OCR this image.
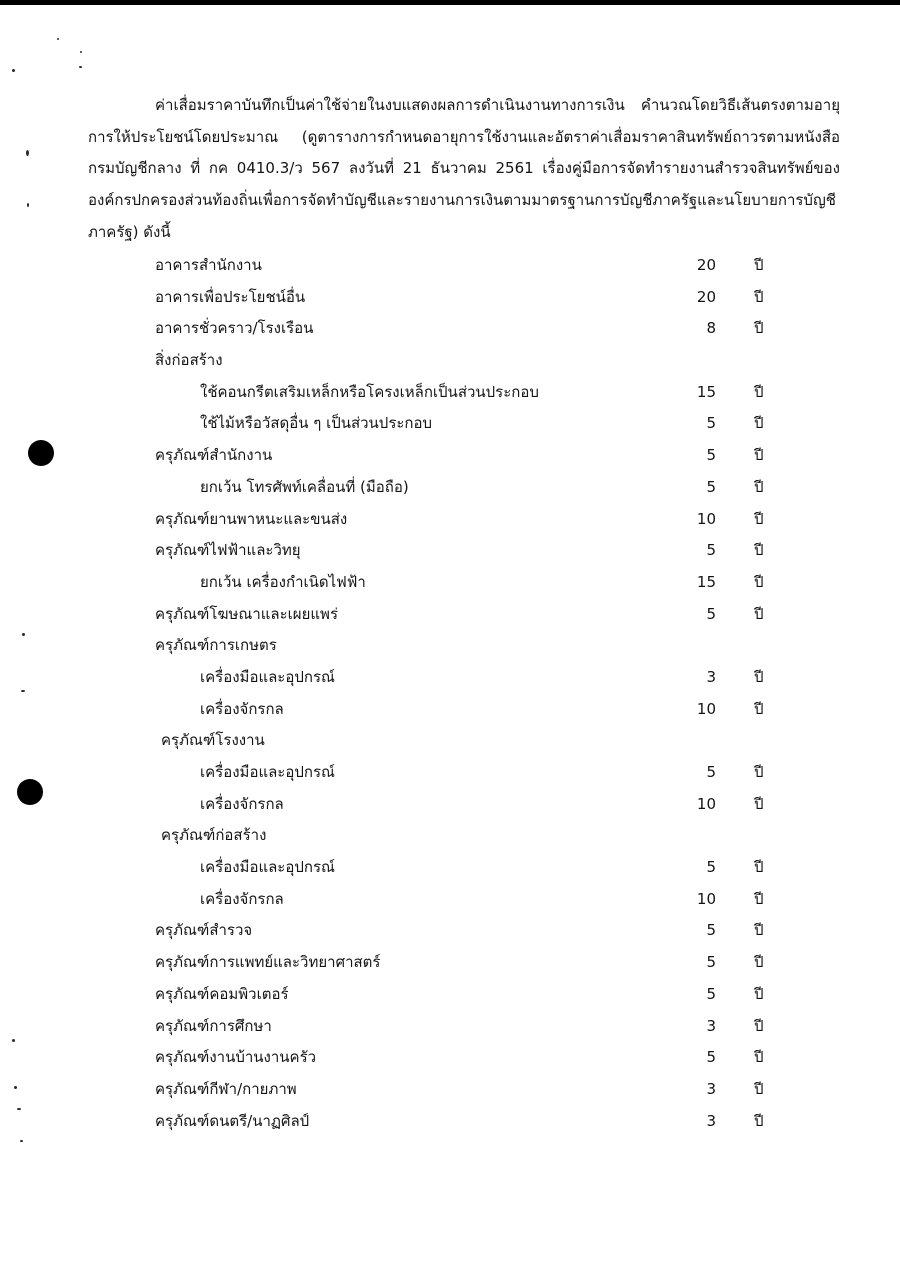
ค่าเสื่อมราคาบันทึกเป็นค่าใช้จ่ายในงบแสดงผลการดำเนินงานทางการเงิน คำนวณโดยวิธีเส้นตรงตามอายุ
การให้ประโยชน์โดยประมาณ (ดูตารางการกำหนดอายุการใช้งานและอัตราค่าเสื่อมราคาสินทรัพย์ถาวรตามหนังสือ
กรมบัญชีกลาง ที่ กค 0410.3/ว 567 ลงวันที่ 21 ธันวาคม 2561 เรื่องคู่มือการจัดทำรายงานสำรวจสินทรัพย์ของ
องค์กรปกครองส่วนท้องถิ่นเพื่อการจัดทำบัญชีและรายงานการเงินตามมาตรฐานการบัญชีภาครัฐและนโยบายการบัญชี
ภาครัฐ) ดังนี้
อาคารสำนักงาน	20	ปี
อาคารเพื่อประโยชน์อื่น	20	ปี
อาคารชั่วคราว/โรงเรือน	8	ปี
สิ่งก่อสร้าง
ใช้คอนกรีตเสริมเหล็กหรือโครงเหล็กเป็นส่วนประกอบ	15	ปี
ใช้ไม้หรือวัสดุอื่น ๆ เป็นส่วนประกอบ	5	ปี
ครุภัณฑ์สำนักงาน	5	ปี
ยกเว้น โทรศัพท์เคลื่อนที่ (มือถือ)	5	ปี
ครุภัณฑ์ยานพาหนะและขนส่ง	10	ปี
ครุภัณฑ์ไฟฟ้าและวิทยุ	5	ปี
ยกเว้น เครื่องกำเนิดไฟฟ้า	15	ปี
ครุภัณฑ์โฆษณาและเผยแพร่	5	ปี
ครุภัณฑ์การเกษตร
เครื่องมือและอุปกรณ์	3	ปี
เครื่องจักรกล	10	ปี
ครุภัณฑ์โรงงาน
เครื่องมือและอุปกรณ์	5	ปี
เครื่องจักรกล	10	ปี
ครุภัณฑ์ก่อสร้าง
เครื่องมือและอุปกรณ์	5	ปี
เครื่องจักรกล	10	ปี
ครุภัณฑ์สำรวจ	5	ปี
ครุภัณฑ์การแพทย์และวิทยาศาสตร์	5	ปี
ครุภัณฑ์คอมพิวเตอร์	5	ปี
ครุภัณฑ์การศึกษา	3	ปี
ครุภัณฑ์งานบ้านงานครัว	5	ปี
ครุภัณฑ์กีฬา/กายภาพ	3	ปี
ครุภัณฑ์ดนตรี/นาฏศิลป์	3	ปี
